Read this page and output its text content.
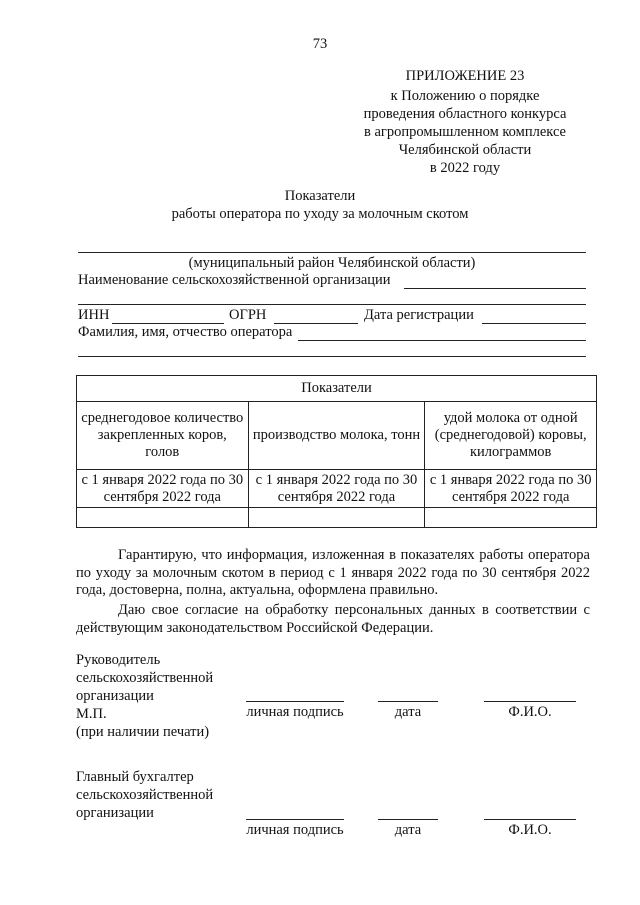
73
ПРИЛОЖЕНИЕ 23
к Положению о порядке
проведения областного конкурса
в агропромышленном комплексе
Челябинской области
в 2022 году
Показатели
работы оператора по уходу за молочным скотом
(муниципальный район Челябинской области)
Наименование сельскохозяйственной организации
ИНН	ОГРН	Дата регистрации
Фамилия, имя, отчество оператора
Показатели		
среднегодовое количество закрепленных коров, голов	производство молока, тонн	удой молока от одной (среднегодовой) коровы, килограммов
с 1 января 2022 года по 30 сентября 2022 года	с 1 января 2022 года по 30 сентября 2022 года	с 1 января 2022 года по 30 сентября 2022 года

Гарантирую, что информация, изложенная в показателях работы оператора по уходу за молочным скотом в период с 1 января 2022 года по 30 сентября 2022 года, достоверна, полна, актуальна, оформлена правильно.
Даю свое согласие на обработку персональных данных в соответствии с действующим законодательством Российской Федерации.
Руководитель
сельскохозяйственной
организации
М.П.
(при наличии печати)
личная подпись	дата	Ф.И.О.
Главный бухгалтер
сельскохозяйственной
организации
личная подпись	дата	Ф.И.О.
